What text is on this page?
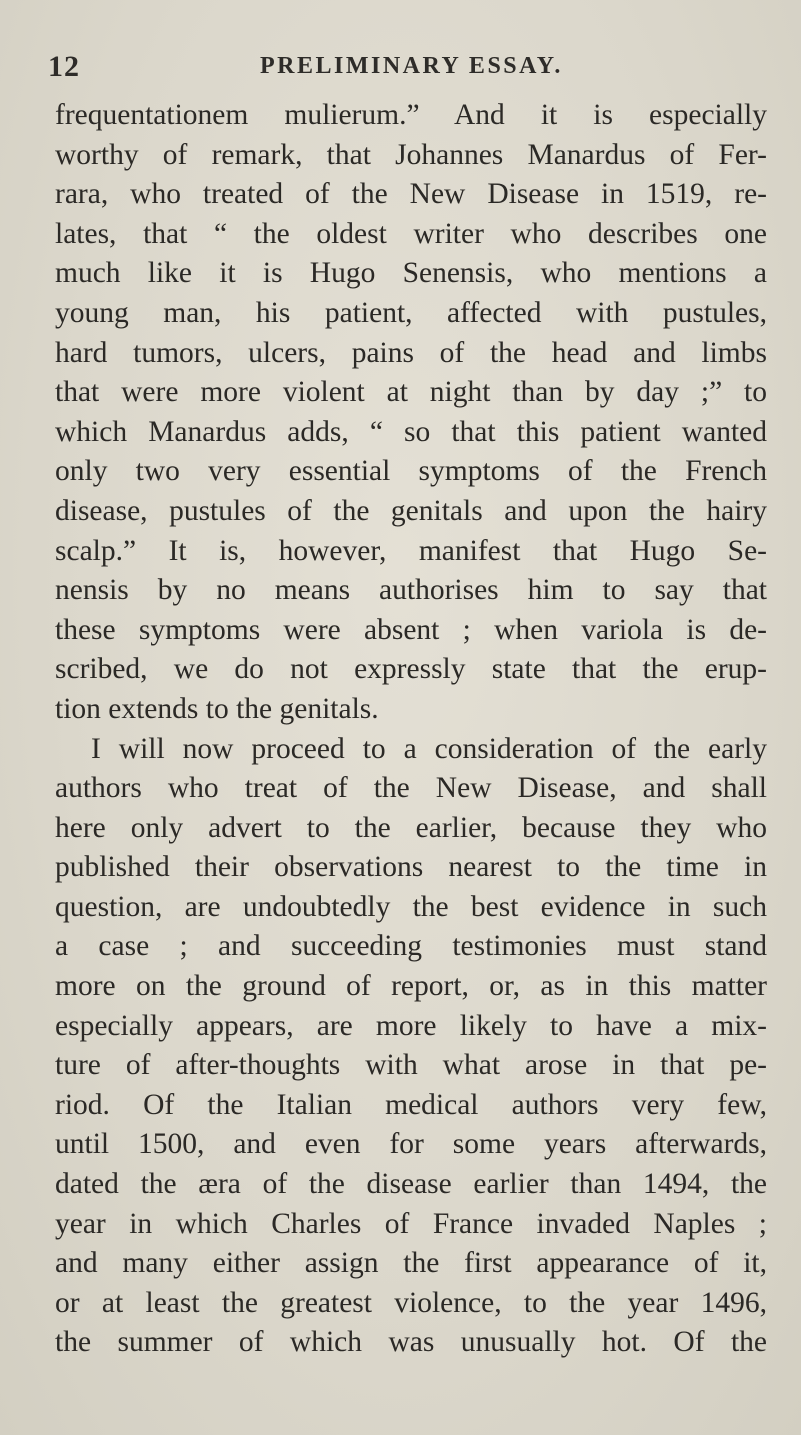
12	PRELIMINARY ESSAY.
frequentationem mulierum.” And it is especially
worthy of remark, that Johannes Manardus of Fer-
rara, who treated of the New Disease in 1519, re-
lates, that “ the oldest writer who describes one
much like it is Hugo Senensis, who mentions a
young man, his patient, affected with pustules,
hard tumors, ulcers, pains of the head and limbs
that were more violent at night than by day ;” to
which Manardus adds, “ so that this patient wanted
only two very essential symptoms of the French
disease, pustules of the genitals and upon the hairy
scalp.” It is, however, manifest that Hugo Se-
nensis by no means authorises him to say that
these symptoms were absent ; when variola is de-
scribed, we do not expressly state that the erup-
tion extends to the genitals.
I will now proceed to a consideration of the early
authors who treat of the New Disease, and shall
here only advert to the earlier, because they who
published their observations nearest to the time in
question, are undoubtedly the best evidence in such
a case ; and succeeding testimonies must stand
more on the ground of report, or, as in this matter
especially appears, are more likely to have a mix-
ture of after-thoughts with what arose in that pe-
riod. Of the Italian medical authors very few,
until 1500, and even for some years afterwards,
dated the æra of the disease earlier than 1494, the
year in which Charles of France invaded Naples ;
and many either assign the first appearance of it,
or at least the greatest violence, to the year 1496,
the summer of which was unusually hot. Of the
